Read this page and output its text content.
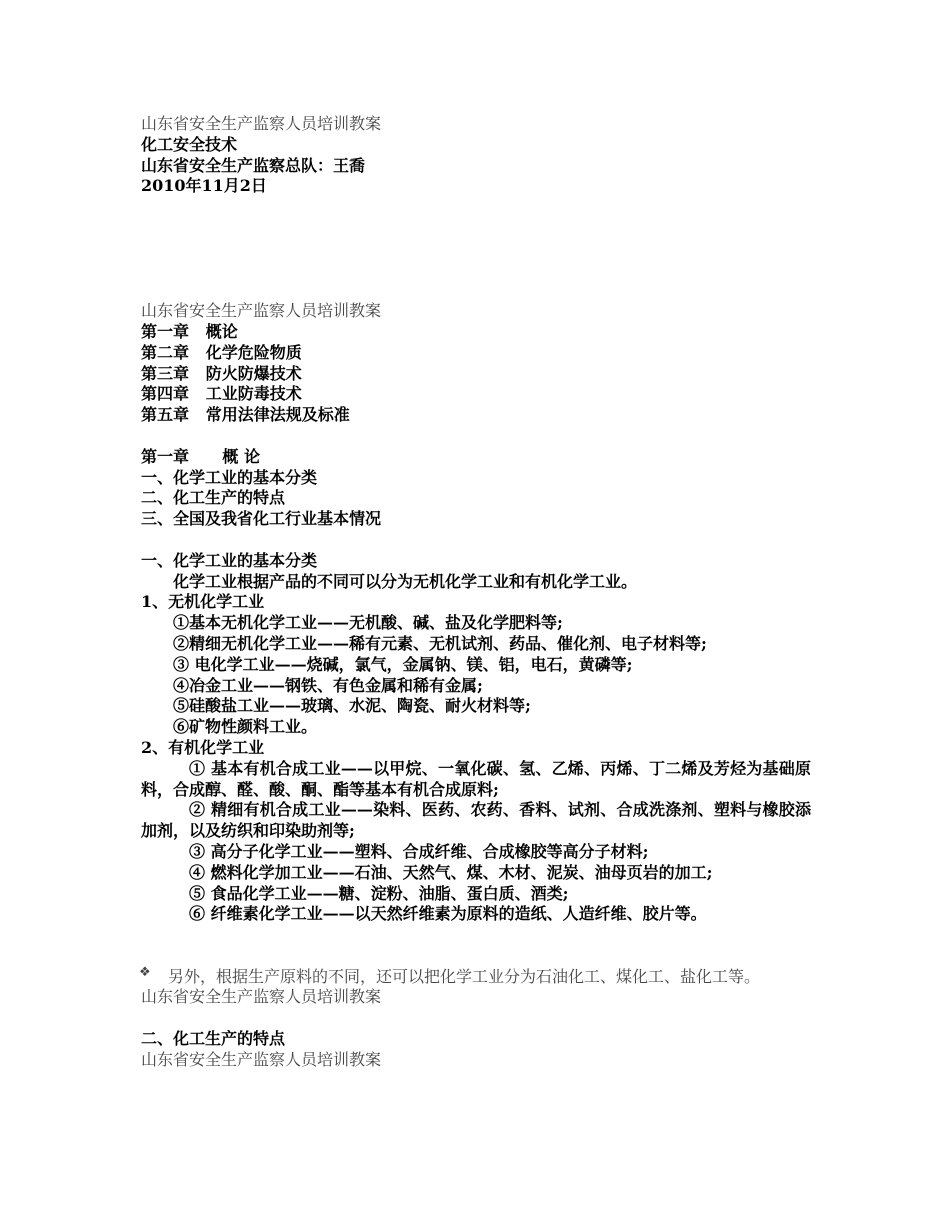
山东省安全生产监察人员培训教案
化工安全技术
山东省安全生产监察总队：王喬
2010年11月2日
山东省安全生产监察人员培训教案
第一章   概论
第二章   化学危险物质
第三章   防火防爆技术
第四章   工业防毒技术
第五章   常用法律法规及标准
第一章      概 论
一、化学工业的基本分类
二、化工生产的特点
三、全国及我省化工行业基本情况
一、化学工业的基本分类
化学工业根据产品的不同可以分为无机化学工业和有机化学工业。
1、无机化学工业
①基本无机化学工业——无机酸、碱、盐及化学肥料等;
②精细无机化学工业——稀有元素、无机试剂、药品、催化剂、电子材料等;
③ 电化学工业——烧碱，氯气，金属钠、镁、铝，电石，黄磷等;
④冶金工业——钢铁、有色金属和稀有金属;
⑤硅酸盐工业——玻璃、水泥、陶瓷、耐火材料等;
⑥矿物性颜料工业。
2、有机化学工业
① 基本有机合成工业——以甲烷、一氧化碳、氢、乙烯、丙烯、丁二烯及芳烃为基础原料，合成醇、醛、酸、酮、酯等基本有机合成原料;
② 精细有机合成工业——染料、医药、农药、香料、试剂、合成洗涤剂、塑料与橡胶添加剂，以及纺织和印染助剂等;
③ 高分子化学工业——塑料、合成纤维、合成橡胶等高分子材料;
④ 燃料化学加工业——石油、天然气、煤、木材、泥炭、油母页岩的加工;
⑤ 食品化学工业——糖、淀粉、油脂、蛋白质、酒类;
⑥ 纤维素化学工业——以天然纤维素为原料的造纸、人造纤维、胶片等。
❖另外，根据生产原料的不同，还可以把化学工业分为石油化工、煤化工、盐化工等。
山东省安全生产监察人员培训教案
二、化工生产的特点
山东省安全生产监察人员培训教案
